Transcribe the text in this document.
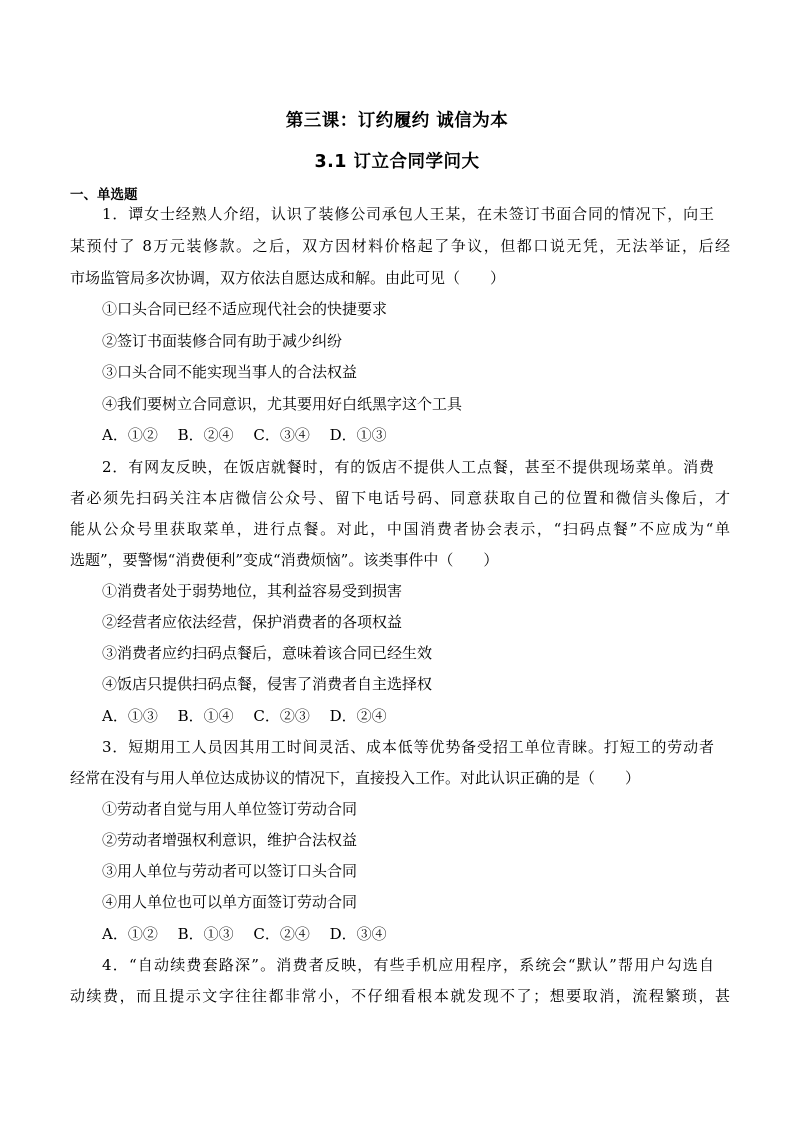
第三课：订约履约 诚信为本
3.1 订立合同学问大
一、单选题
1．谭女士经熟人介绍，认识了装修公司承包人王某，在未签订书面合同的情况下，向王
某预付了 8万元装修款。之后，双方因材料价格起了争议，但都口说无凭，无法举证，后经
市场监管局多次协调，双方依法自愿达成和解。由此可见（　　）
①口头合同已经不适应现代社会的快捷要求
②签订书面装修合同有助于减少纠纷
③口头合同不能实现当事人的合法权益
④我们要树立合同意识，尤其要用好白纸黑字这个工具
A．①②　 B．②④　 C．③④　 D．①③
2．有网友反映，在饭店就餐时，有的饭店不提供人工点餐，甚至不提供现场菜单。消费
者必须先扫码关注本店微信公众号、留下电话号码、同意获取自己的位置和微信头像后，才
能从公众号里获取菜单，进行点餐。对此，中国消费者协会表示，“扫码点餐”不应成为“单
选题”，要警惕“消费便利”变成“消费烦恼”。该类事件中（　　）
①消费者处于弱势地位，其利益容易受到损害
②经营者应依法经营，保护消费者的各项权益
③消费者应约扫码点餐后，意味着该合同已经生效
④饭店只提供扫码点餐，侵害了消费者自主选择权
A．①③　 B．①④　 C．②③　 D．②④
3．短期用工人员因其用工时间灵活、成本低等优势备受招工单位青睐。打短工的劳动者
经常在没有与用人单位达成协议的情况下，直接投入工作。对此认识正确的是（　　）
①劳动者自觉与用人单位签订劳动合同
②劳动者增强权利意识，维护合法权益
③用人单位与劳动者可以签订口头合同
④用人单位也可以单方面签订劳动合同
A．①②　 B．①③　 C．②④　 D．③④
4．“自动续费套路深”。消费者反映，有些手机应用程序，系统会“默认”帮用户勾选自
动续费，而且提示文字往往都非常小，不仔细看根本就发现不了；想要取消，流程繁琐，甚
